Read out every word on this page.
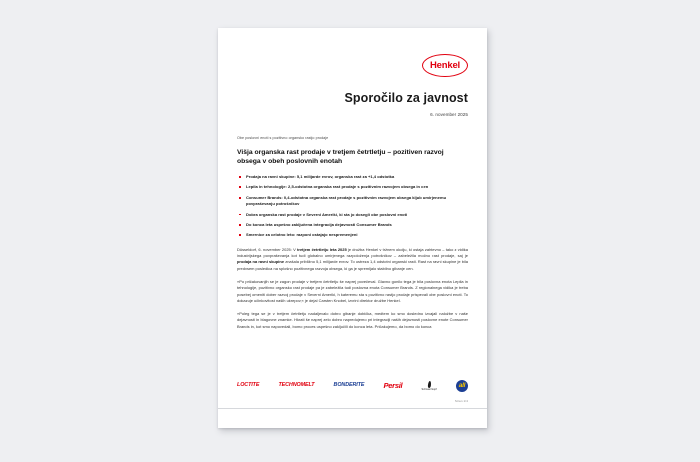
Henkel
Sporočilo za javnost
6. november 2025
Obe poslovni enoti s pozitivno organsko rastjo prodaje
Višja organska rast prodaje v tretjem četrtletju – pozitiven razvoj obsega v obeh poslovnih enotah
Prodaja na ravni skupine: 5,1 milijarde evrov, organska rast za +1,4 odstotka
Lepila in tehnologije: 2,5-odstotna organska rast prodaje s pozitivnim razvojem obsega in cen
Consumer Brands: 0,4-odstotna organska rast prodaje s pozitivnim razvojem obsega kljub umirjenemu povpraševanju potrošnikov
Dobra organska rast prodaje v Severni Ameriki, ki sta jo dosegli obe poslovni enoti
Do konca leta uspešno zaključena integracija dejavnosti Consumer Brands
Smernice za celotno leto: razponi ostajajo nespremenjeni
Düsseldorf, 6. november 2025: V tretjem četrtletju leta 2025 je družba Henkel v tržnem okolju, ki ostaja zahtevno – tako z vidika industrijskega povpraševanja kot tudi globalno umirjenega razpoloženja potrošnikov – zabeležila močno rast prodaje, saj je prodaja na ravni skupine znašala približno 5,1 milijarde evrov. To ustreza 1,4 odstotni organski rasti. Rast na ravni skupine je bila predvsem posledica na splošno pozitivnega razvoja obsega, ki ga je spremljalo stabilno gibanje cen.
»Po pričakovanjih se je zagon prodaje v tretjem četrtletju še naprej povečeval. Glavno gonilo tega je bila poslovna enota Lepila in tehnologije, pozitivno organsko rast prodaje pa je zabeležila tudi poslovna enota Consumer Brands. Z regionalnega vidika je treba posebej omeniti dober razvoj prodaje v Severni Ameriki, h kateremu sta s pozitivno rastjo prodaje prispevali obe poslovni enoti. To dokazuje učinkovitost naših ukrepov,« je dejal Carsten Knobel, izvrini direktor družbe Henkel.
»Poleg tega se je v tretjem četrtletju nadaljevalo dobro gibanje dobička, medtem ko smo dosledno izvajali naložbe v naše dejavnosti in blagovne znamke. Hkrati še naprej zelo dobro napredujemo pri integraciji naših dejavnosti poslovne enote Consumer Brands in, kot smo napovedali, bomo proces uspešno zaključili do konca leta. Pričakujemo, da bomo do konca
LOCTITE	TECHNOMELT	BONDERITE	Persil	Schwarzkopf
all
Stran 1/4
